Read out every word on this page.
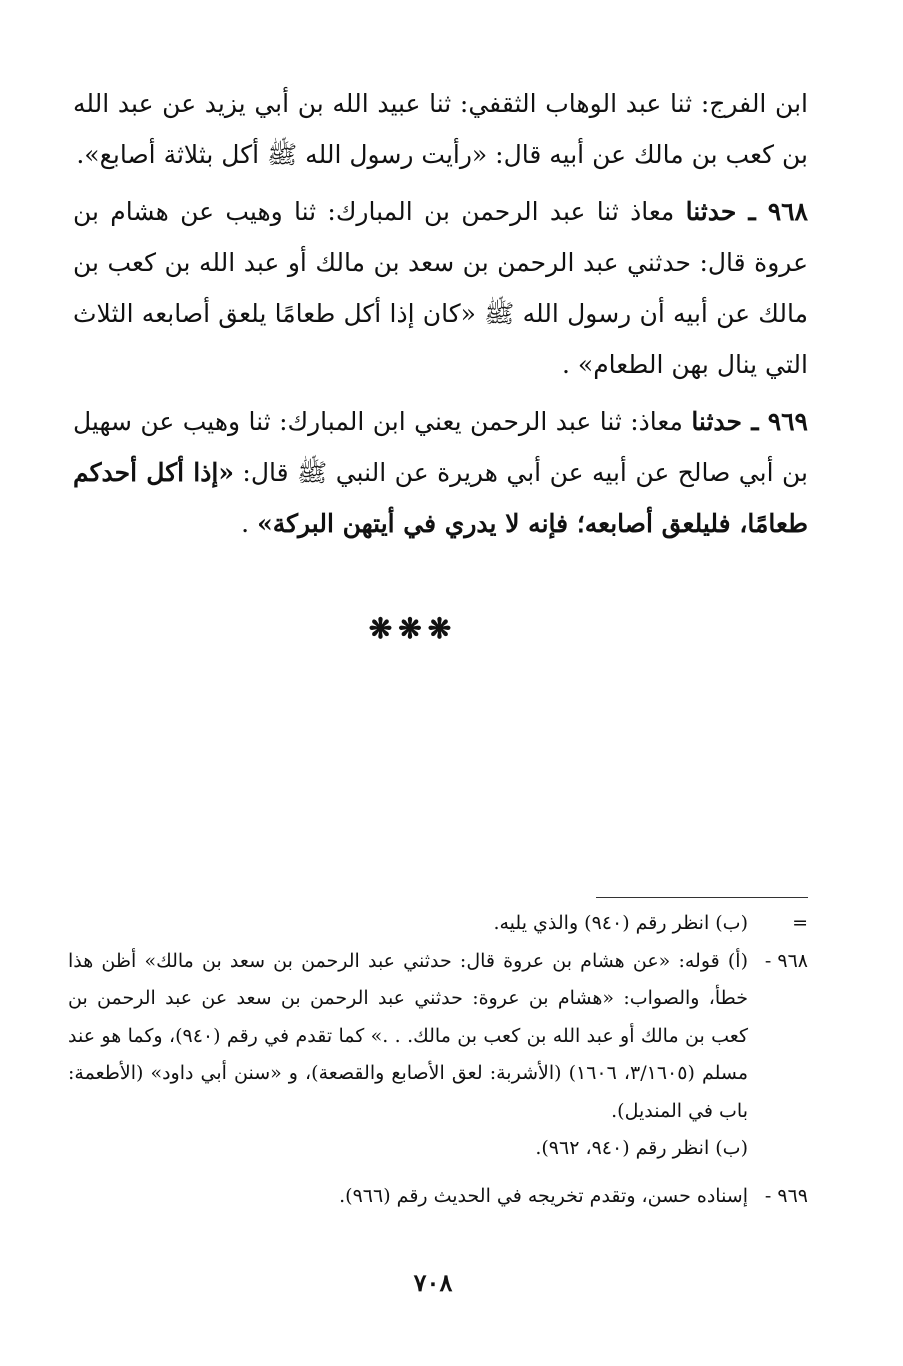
ابن الفرج: ثنا عبد الوهاب الثقفي: ثنا عبيد الله بن أبي يزيد عن عبد الله بن كعب بن مالك عن أبيه قال: «رأيت رسول الله ﷺ أكل بثلاثة أصابع».

٩٦٨ ـ حدثنا معاذ ثنا عبد الرحمن بن المبارك: ثنا وهيب عن هشام بن عروة قال: حدثني عبد الرحمن بن سعد بن مالك أو عبد الله بن كعب بن مالك عن أبيه أن رسول الله ﷺ «كان إذا أكل طعامًا يلعق أصابعه الثلاث التي ينال بهن الطعام» .

٩٦٩ ـ حدثنا معاذ: ثنا عبد الرحمن يعني ابن المبارك: ثنا وهيب عن سهيل بن أبي صالح عن أبيه عن أبي هريرة عن النبي ﷺ قال: «إذا أكل أحدكم طعامًا، فليلعق أصابعه؛ فإنه لا يدري في أيتهن البركة» .

❋❋❋
=
(ب) انظر رقم (٩٤٠) والذي يليه.
٩٦٨ -
(أ) قوله: «عن هشام بن عروة قال: حدثني عبد الرحمن بن سعد بن مالك» أظن هذا خطأ، والصواب: «هشام بن عروة: حدثني عبد الرحمن بن سعد عن عبد الرحمن بن كعب بن مالك أو عبد الله بن كعب بن مالك. . .» كما تقدم في رقم (٩٤٠)، وكما هو عند مسلم (٣/١٦٠٥، ١٦٠٦) (الأشربة: لعق الأصابع والقصعة)، و «سنن أبي داود» (الأطعمة: باب في المنديل).
(ب) انظر رقم (٩٤٠، ٩٦٢).
٩٦٩ -
إسناده حسن، وتقدم تخريجه في الحديث رقم (٩٦٦).
٧٠٨
